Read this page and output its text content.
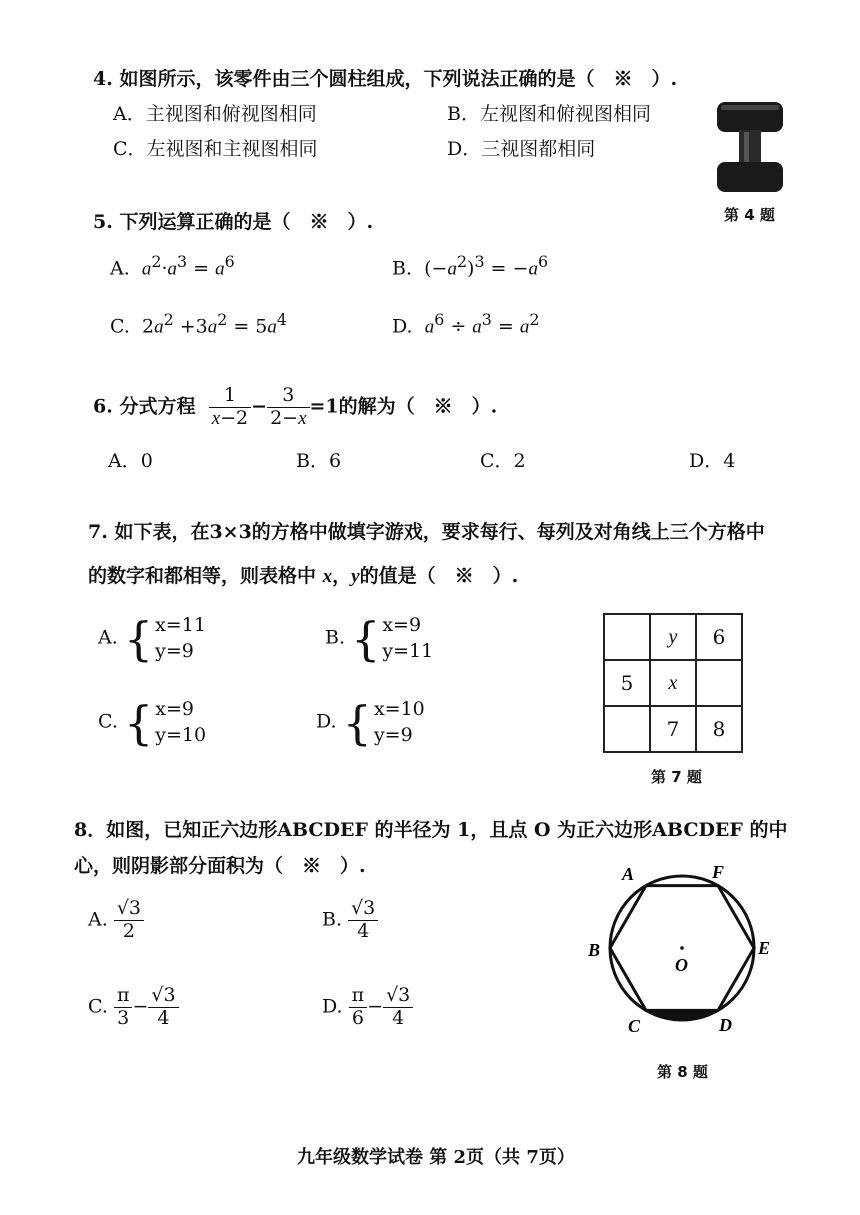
4. 如图所示，该零件由三个圆柱组成，下列说法正确的是（　※　）.
A．主视图和俯视图相同	B．左视图和俯视图相同
C．左视图和主视图相同	D．三视图都相同
第 4 题
5. 下列运算正确的是（　※　）.
A. $a^2\cdot a^3 = a^6$	B.  $(-a^2)^3 = -a^6$
C.  $2a^2 +3a^2 = 5a^4$	D. $a^6 \div a^3 = a^2$
6. 分式方程 $\frac{1}{x-2} - \frac{3}{2-x} =1$的解为（　※　）.
A．0	B．6	C．2	D．4
7. 如下表，在3×3的方格中做填字游戏，要求每行、每列及对角线上三个方格中
的数字和都相等，则表格中 x，y的值是（　※　）.
A. { x=11
y=9
B. { x=9
y=11
C. { x=9
y=10
D. { x=10
y=9
	y	6
5	x	
	7	8
第 7 题
8．如图，已知正六边形ABCDEF 的半径为 1，且点 O 为正六边形ABCDEF 的中
心，则阴影部分面积为（　※　）.
A. $\frac{√3}{2}$	B. $\frac{√3}{4}$
C. $\frac{\pi}{3} - \frac{√3}{4}$	D. $\frac{\pi}{6} - \frac{√3}{4}$
A	F
B	E
C	D
O
第 8 题
九年级数学试卷 第 2页（共 7页）
